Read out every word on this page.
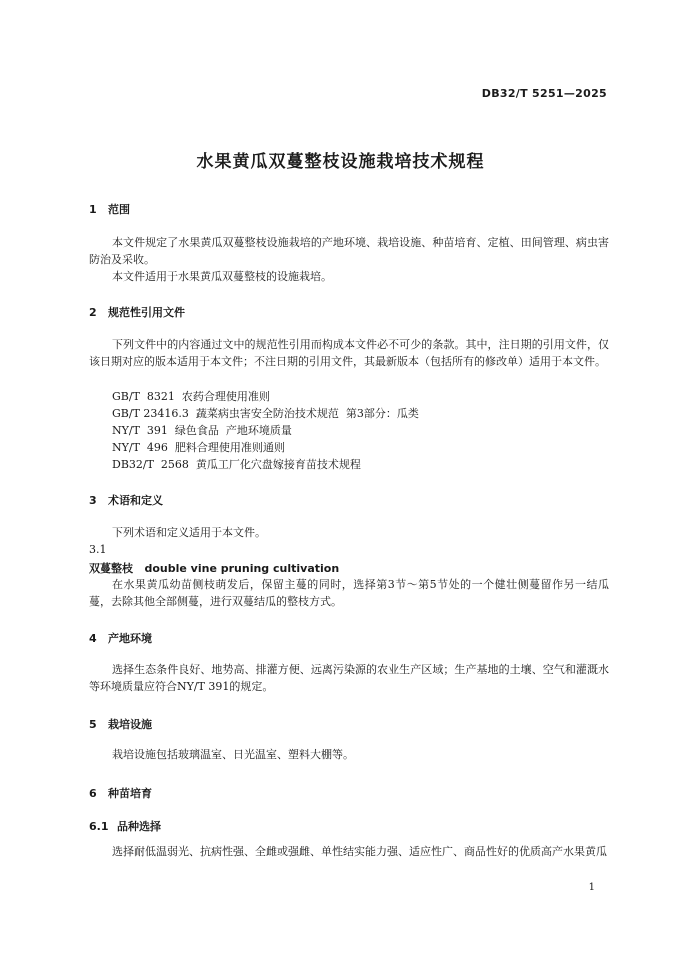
DB32/T 5251—2025
水果黄瓜双蔓整枝设施栽培技术规程
1 范围
本文件规定了水果黄瓜双蔓整枝设施栽培的产地环境、栽培设施、种苗培育、定植、田间管理、病虫害防治及采收。
本文件适用于水果黄瓜双蔓整枝的设施栽培。
2 规范性引用文件
下列文件中的内容通过文中的规范性引用而构成本文件必不可少的条款。其中，注日期的引用文件，仅该日期对应的版本适用于本文件；不注日期的引用文件，其最新版本（包括所有的修改单）适用于本文件。
GB/T  8321  农药合理使用准则
GB/T 23416.3  蔬菜病虫害安全防治技术规范  第3部分：瓜类
NY/T  391  绿色食品  产地环境质量
NY/T  496  肥料合理使用准则通则
DB32/T  2568  黄瓜工厂化穴盘嫁接育苗技术规程
3 术语和定义
下列术语和定义适用于本文件。
3.1
双蔓整枝   double vine pruning cultivation
在水果黄瓜幼苗侧枝萌发后，保留主蔓的同时，选择第3节～第5节处的一个健壮侧蔓留作另一结瓜蔓，去除其他全部侧蔓，进行双蔓结瓜的整枝方式。
4 产地环境
选择生态条件良好、地势高、排灌方便、远离污染源的农业生产区域；生产基地的土壤、空气和灌溉水等环境质量应符合NY/T 391的规定。
5 栽培设施
栽培设施包括玻璃温室、日光温室、塑料大棚等。
6 种苗培育
6.1 品种选择
选择耐低温弱光、抗病性强、全雌或强雌、单性结实能力强、适应性广、商品性好的优质高产水果黄瓜
1
